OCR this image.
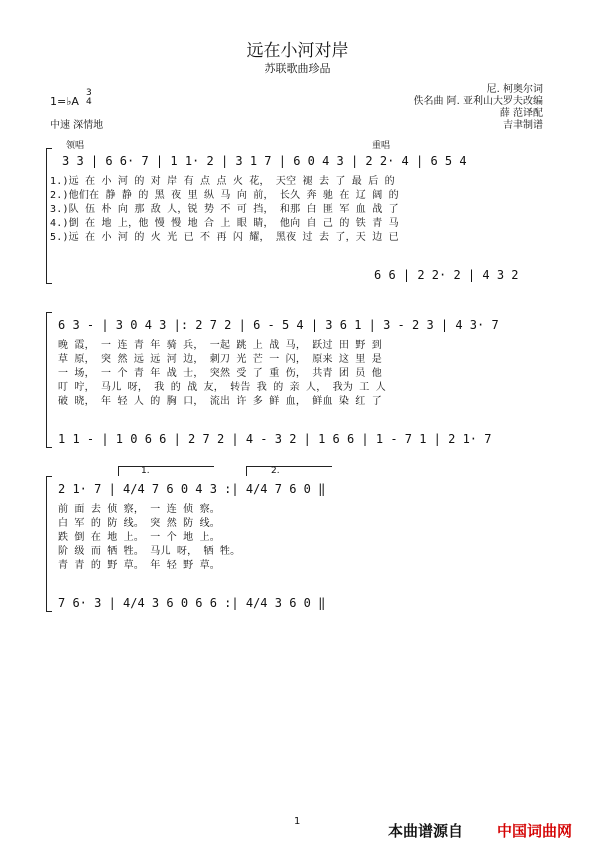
远在小河对岸
苏联歌曲珍品
尼. 柯奥尔词
佚名曲 阿. 亚利山大罗夫改编
薛 范译配
吉聿制谱
1=♭A
3
4
中速 深情地
领唱	重唱
3 3 | 6 6· 7 | 1 1· 2 | 3 1 7 | 6 0 4 3 | 2 2· 4 | 6 5 4
1.)远 在 小 河 的 对 岸 有 点 点 火 花， 天空 褪 去 了 最 后 的
2.)他们在 静 静 的 黑 夜 里 纵 马 向 前， 长久 奔 驰 在 辽 阔 的
3.)队 伍 朴 向 那 敌 人，锐 势 不 可 挡， 和那 白 匪 军 血 战 了
4.)倒 在 地 上，他 慢 慢 地 合 上 眼 睛， 他向 自 己 的 铁 青 马
5.)远 在 小 河 的 火 光 已 不 再 闪 耀， 黑夜 过 去 了，天 边 已
6 6 | 2 2· 2 | 4 3 2
6 3 - | 3 0 4 3 |: 2 7 2 | 6 - 5 4 | 3 6 1 | 3 - 2 3 | 4 3· 7
晚 霞， 一 连 青 年 骑 兵， 一起 跳 上 战 马， 跃过 田 野 到
草 原， 突 然 远 远 河 边， 刺刀 光 芒 一 闪， 原来 这 里 是
一 场， 一 个 青 年 战 士， 突然 受 了 重 伤， 共青 团 员 他
叮 咛， 马儿 呀， 我 的 战 友， 转告 我 的 亲 人， 我为 工 人
破 晓， 年 轻 人 的 胸 口， 流出 许 多 鲜 血， 鲜血 染 红 了
1 1 - | 1 0 6 6 | 2 7 2 | 4 - 3 2 | 1 6 6 | 1 - 7 1 | 2 1· 7
1.	2.
2 1· 7 | 4/4 7 6 0 4 3 :| 4/4 7 6 0 ‖
前 面 去 侦 察， 一 连 侦 察。
白 军 的 防 线。 突 然 防 线。
跌 倒 在 地 上。 一 个 地 上。
阶 级 而 牺 牲。 马儿 呀， 牺 牲。
青 青 的 野 草。 年 轻 野 草。
7 6· 3 | 4/4 3 6 0 6 6 :| 4/4 3 6 0 ‖
1
本曲谱源自 中国词曲网
